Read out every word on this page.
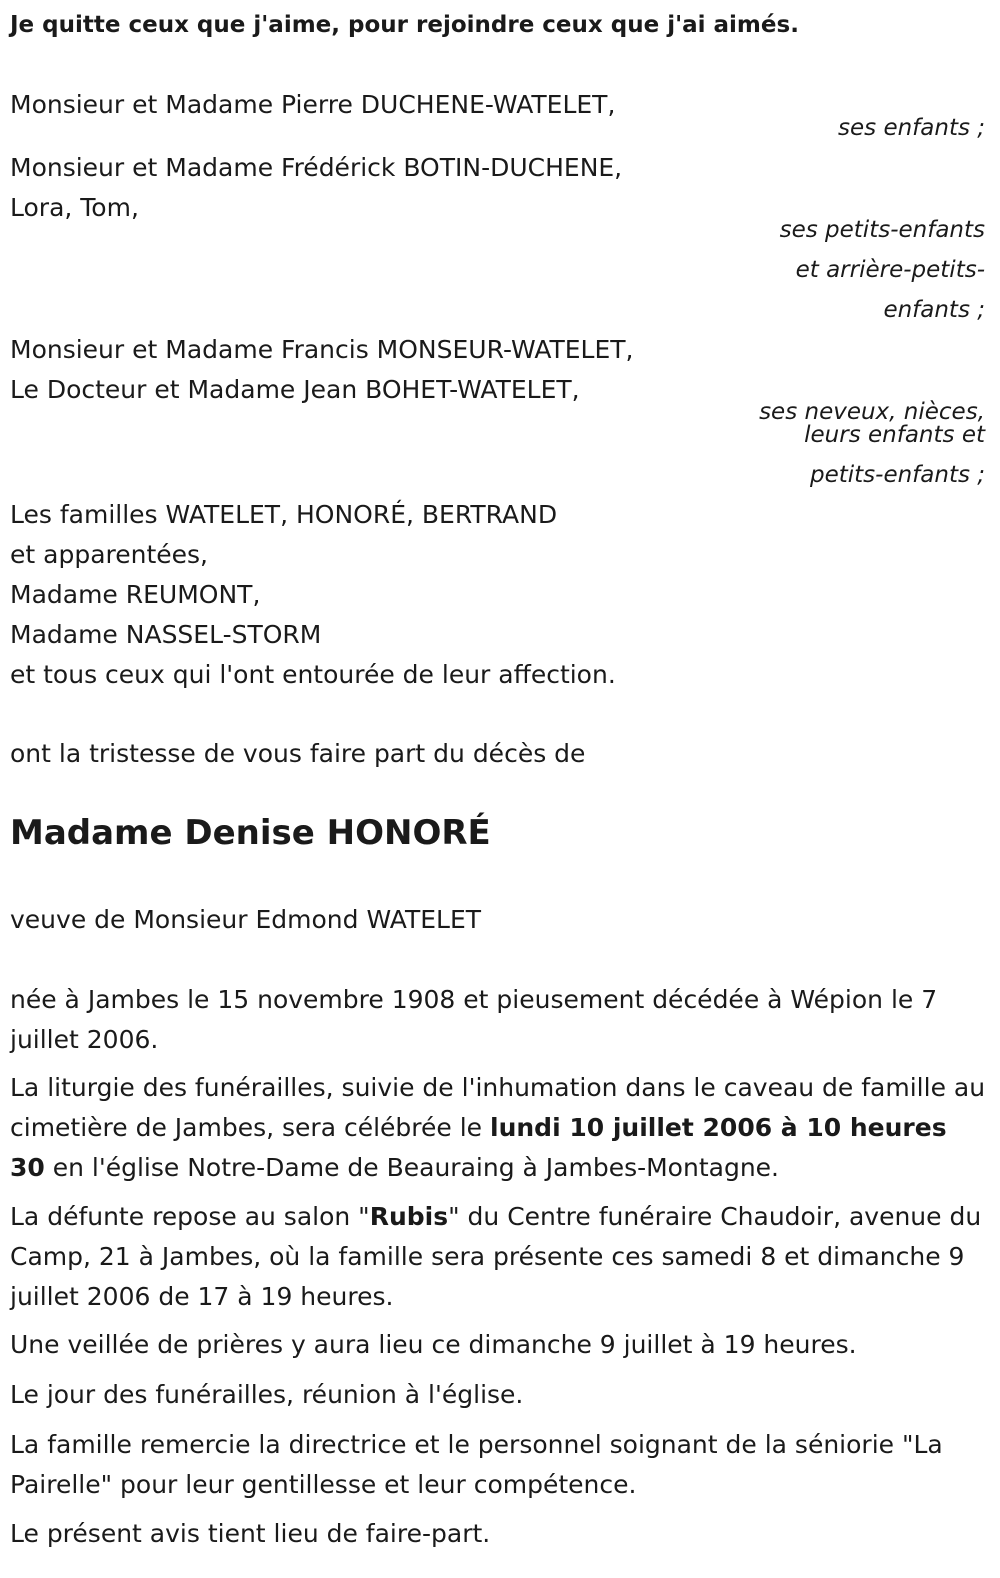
Je quitte ceux que j'aime, pour rejoindre ceux que j'ai aimés.

Monsieur et Madame Pierre DUCHENE-WATELET,

ses enfants ;

Monsieur et Madame Frédérick BOTIN-DUCHENE,

Lora, Tom,

ses petits-enfants

et arrière-petits-

enfants ;

Monsieur et Madame Francis MONSEUR-WATELET,

Le Docteur et Madame Jean BOHET-WATELET,

ses neveux, nièces,

leurs enfants et

petits-enfants ;

Les familles WATELET, HONORÉ, BERTRAND

et apparentées,

Madame REUMONT,

Madame NASSEL-STORM

et tous ceux qui l'ont entourée de leur affection.

ont la tristesse de vous faire part du décès de

Madame Denise HONORÉ

veuve de Monsieur Edmond WATELET

née à Jambes le 15 novembre 1908 et pieusement décédée à Wépion le 7 juillet 2006.

La liturgie des funérailles, suivie de l'inhumation dans le caveau de famille au cimetière de Jambes, sera célébrée le lundi 10 juillet 2006 à 10 heures 30 en l'église Notre-Dame de Beauraing à Jambes-Montagne.

La défunte repose au salon "Rubis" du Centre funéraire Chaudoir, avenue du Camp, 21 à Jambes, où la famille sera présente ces samedi 8 et dimanche 9 juillet 2006 de 17 à 19 heures.

Une veillée de prières y aura lieu ce dimanche 9 juillet à 19 heures.

Le jour des funérailles, réunion à l'église.

La famille remercie la directrice et le personnel soignant de la séniorie "La Pairelle" pour leur gentillesse et leur compétence.

Le présent avis tient lieu de faire-part.
